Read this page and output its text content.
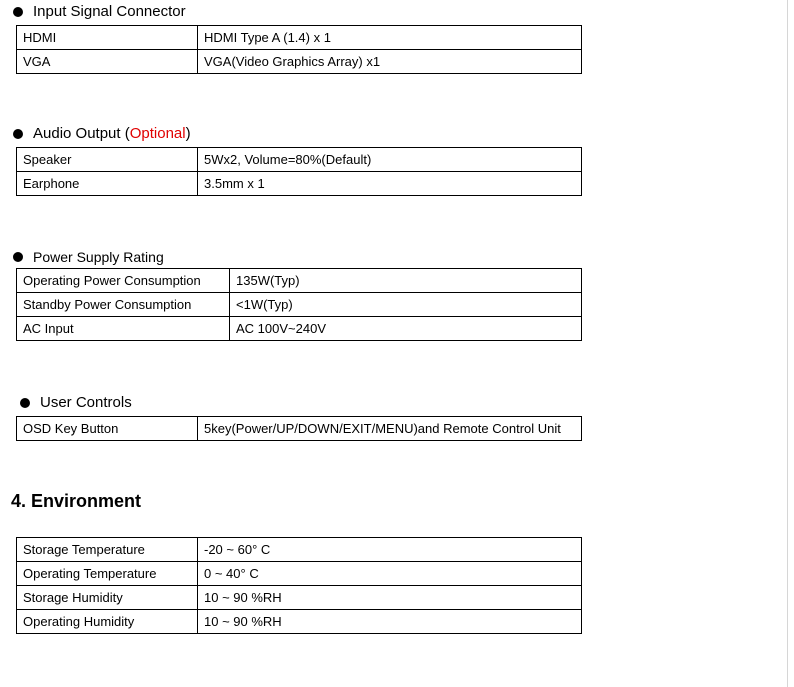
Input Signal Connector
HDMI	HDMI Type A (1.4) x 1
VGA	VGA(Video Graphics Array) x1
Audio Output ( Optional )
Speaker	5Wx2, Volume=80%(Default)
Earphone	3.5mm x 1
Power Supply Rating
Operating Power Consumption	135W(Typ)
Standby Power Consumption	<1W(Typ)
AC Input	AC 100V~240V
User Controls
OSD Key Button	5key(Power/UP/DOWN/EXIT/MENU)and Remote Control Unit
4. Environment
Storage Temperature	-20 ~ 60° C
Operating Temperature	0 ~ 40° C
Storage Humidity	10 ~ 90 %RH
Operating Humidity	10 ~ 90 %RH
